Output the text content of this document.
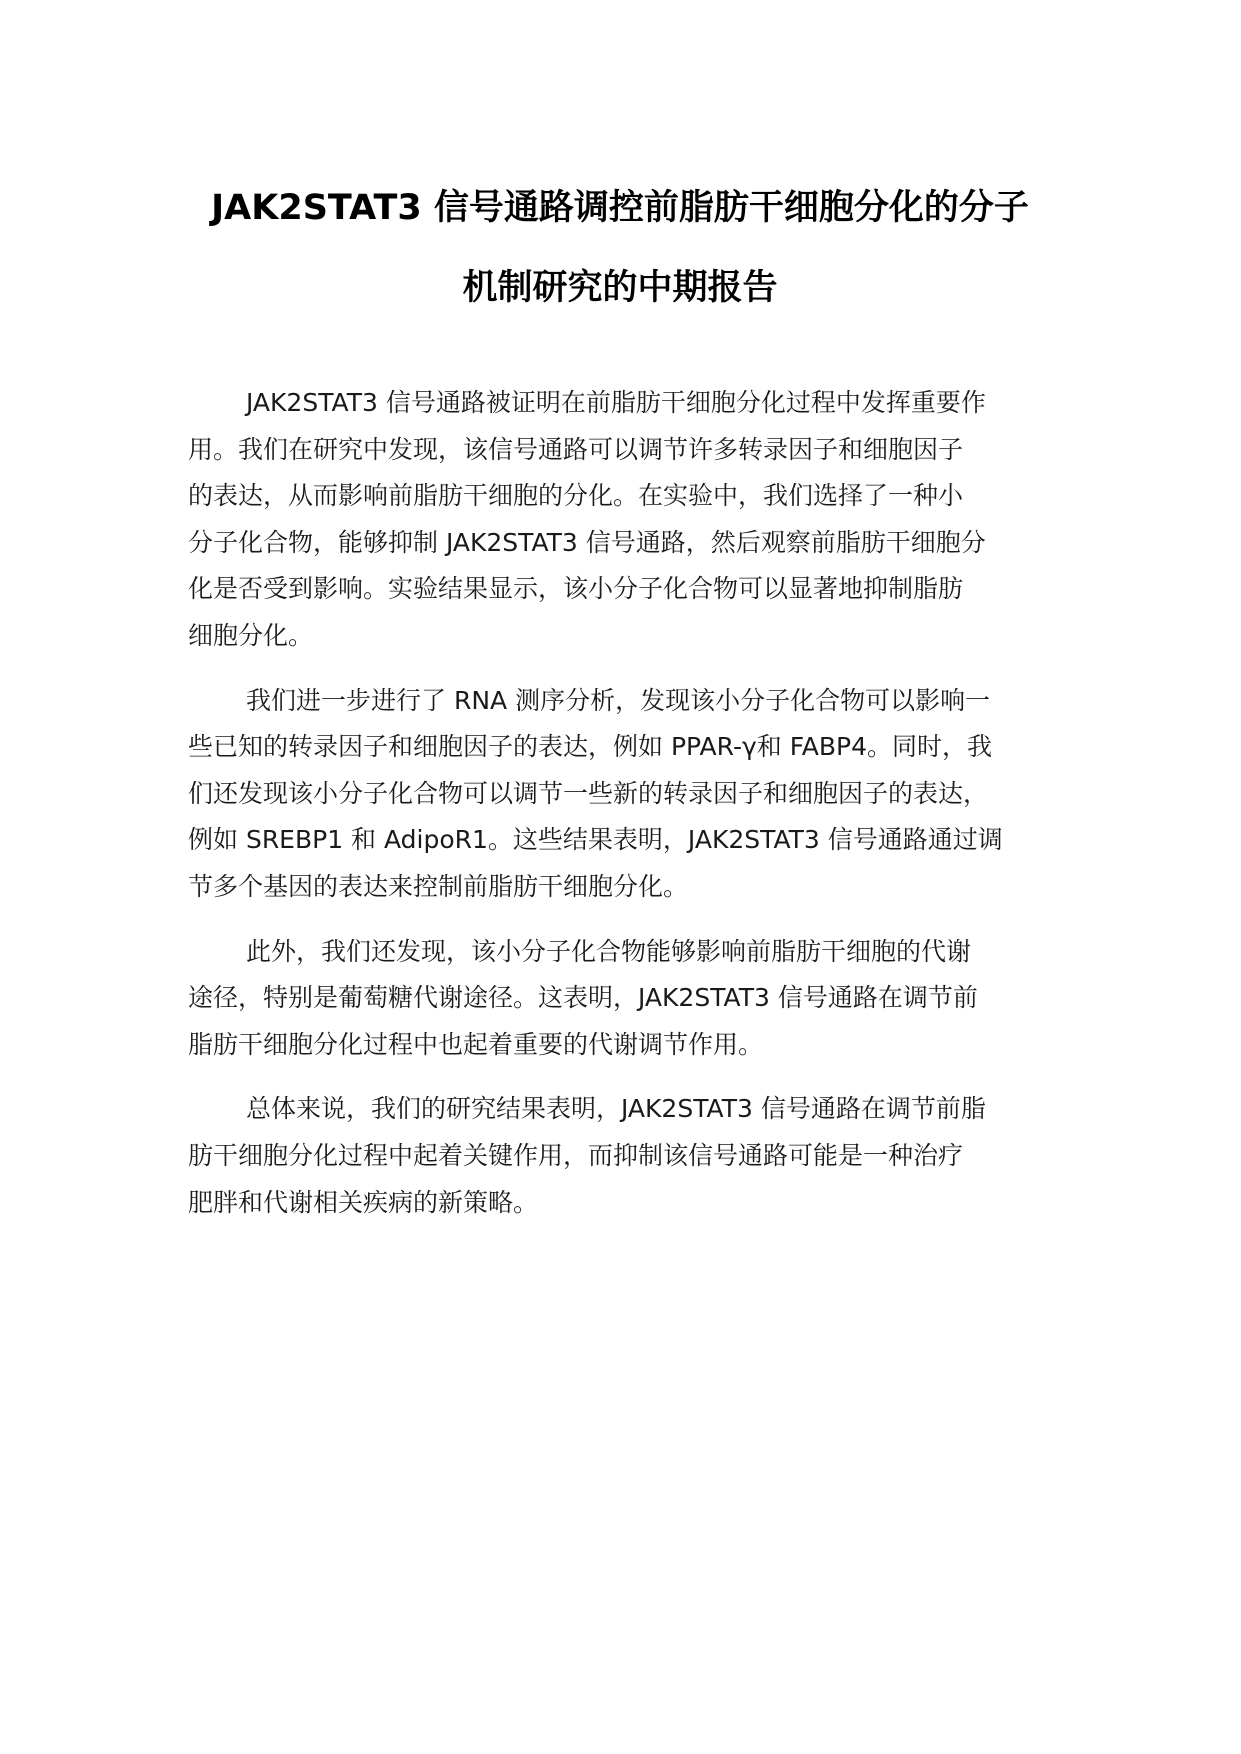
JAK2STAT3 信号通路调控前脂肪干细胞分化的分子
机制研究的中期报告

JAK2STAT3 信号通路被证明在前脂肪干细胞分化过程中发挥重要作
用。我们在研究中发现，该信号通路可以调节许多转录因子和细胞因子
的表达，从而影响前脂肪干细胞的分化。在实验中，我们选择了一种小
分子化合物，能够抑制 JAK2STAT3 信号通路，然后观察前脂肪干细胞分
化是否受到影响。实验结果显示，该小分子化合物可以显著地抑制脂肪
细胞分化。

我们进一步进行了 RNA 测序分析，发现该小分子化合物可以影响一
些已知的转录因子和细胞因子的表达，例如 PPAR-γ和 FABP4。同时，我
们还发现该小分子化合物可以调节一些新的转录因子和细胞因子的表达，
例如 SREBP1 和 AdipoR1。这些结果表明，JAK2STAT3 信号通路通过调
节多个基因的表达来控制前脂肪干细胞分化。

此外，我们还发现，该小分子化合物能够影响前脂肪干细胞的代谢
途径，特别是葡萄糖代谢途径。这表明，JAK2STAT3 信号通路在调节前
脂肪干细胞分化过程中也起着重要的代谢调节作用。

总体来说，我们的研究结果表明，JAK2STAT3 信号通路在调节前脂
肪干细胞分化过程中起着关键作用，而抑制该信号通路可能是一种治疗
肥胖和代谢相关疾病的新策略。
